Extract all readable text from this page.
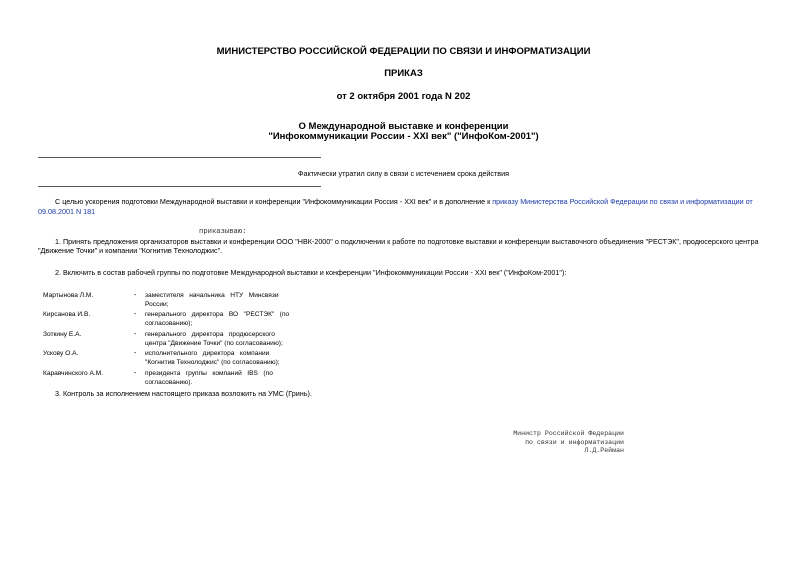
МИНИСТЕРСТВО РОССИЙСКОЙ ФЕДЕРАЦИИ ПО СВЯЗИ И ИНФОРМАТИЗАЦИИ
ПРИКАЗ
от 2 октября 2001 года N 202
О Международной выставке и конференции
"Инфокоммуникации России - XXI век" ("ИнфоКом-2001")
Фактически утратил силу в связи с истечением срока действия
С целью ускорения подготовки Международной выставки и конференции "Инфокоммуникации Россия - XXI век" и в дополнение к приказу Министерства Российской Федерации по связи и информатизации от
09.08.2001 N 181
приказываю:
1. Принять предложения организаторов выставки и конференции ООО "НВК-2000" о подключении к работе по подготовке выставки и конференции выставочного объединения "РЕСТЭК", продюсерского центра
"Движение Точки" и компании "Когнитив Технолоджис".
2. Включить в состав рабочей группы по подготовке Международной выставки и конференции "Инфокоммуникации России - XXI век" ("ИнфоКом-2001"):
Мартынова Л.М.	- заместителя   начальника   НТУ   Минсвязи
России;
Кирсанова И.В.	- генерального   директора   ВО   "РЕСТЭК"   (по
согласованию);
Зоткину Е.А.	- генерального   директора   продюсерского
центра "Движение Точки" (по согласованию);
Ускову О.А.	- исполнительного   директора   компании
"Когнитив Технолоджис" (по согласованию);
Каравчинского А.М.	- президента   группы   компаний   IBS   (по
согласованию).
3. Контроль за исполнением настоящего приказа возложить на УМС (Гринь).
Министр Российской Федерации
по связи и информатизации
Л.Д.Рейман
